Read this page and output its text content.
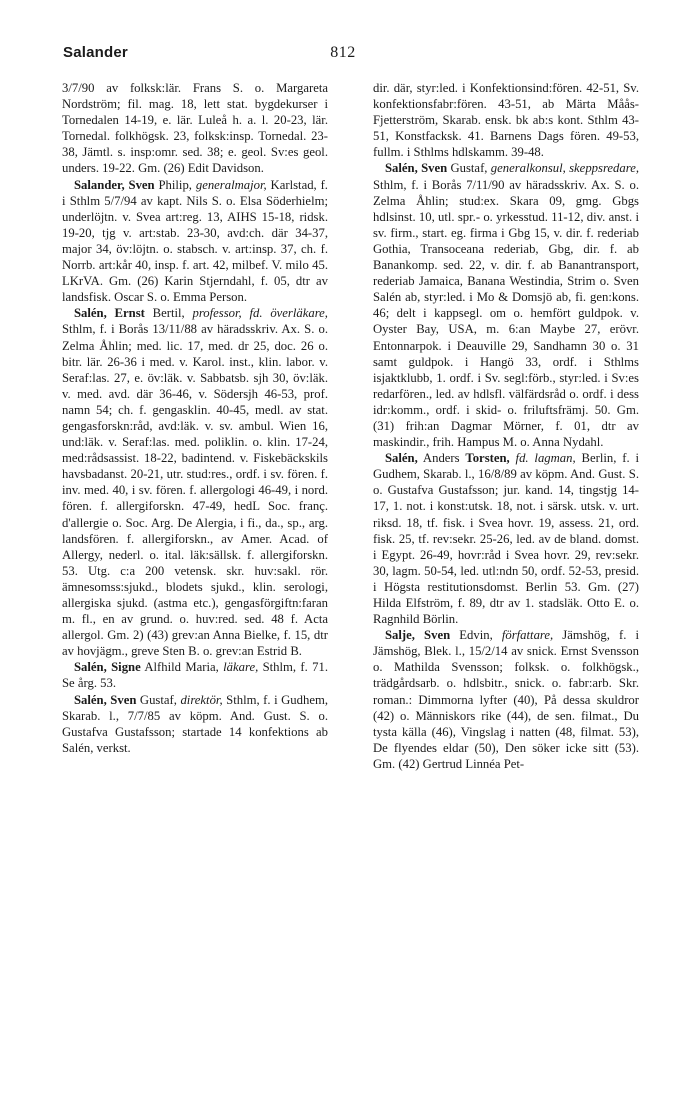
Salander	812

3/7/90 av folksk:lär. Frans S. o. Margareta Nordström; fil. mag. 18, lett stat. bygdekurser i Tornedalen 14-19, e. lär. Luleå h. a. l. 20-23, lär. Tornedal. folkhögsk. 23, folksk:insp. Tornedal. 23-38, Jämtl. s. insp:omr. sed. 38; e. geol. Sv:es geol. unders. 19-22. Gm. (26) Edit Davidson.

Salander, Sven Philip, generalmajor, Karlstad, f. i Sthlm 5/7/94 av kapt. Nils S. o. Elsa Söderhielm; underlöjtn. v. Svea art:reg. 13, AIHS 15-18, ridsk. 19-20, tjg v. art:stab. 23-30, avd:ch. där 34-37, major 34, öv:löjtn. o. stabsch. v. art:insp. 37, ch. f. Norrb. art:kår 40, insp. f. art. 42, milbef. V. milo 45. LKrVA. Gm. (26) Karin Stjerndahl, f. 05, dtr av landsfisk. Oscar S. o. Emma Person.

Salén, Ernst Bertil, professor, fd. överläkare, Sthlm, f. i Borås 13/11/88 av häradsskriv. Ax. S. o. Zelma Åhlin; med. lic. 17, med. dr 25, doc. 26 o. bitr. lär. 26-36 i med. v. Karol. inst., klin. labor. v. Seraf:las. 27, e. öv:läk. v. Sabbatsb. sjh 30, öv:läk. v. med. avd. där 36-46, v. Södersjh 46-53, prof. namn 54; ch. f. gengasklin. 40-45, medl. av stat. gengasforskn:råd, avd:läk. v. sv. ambul. Wien 16, und:läk. v. Seraf:las. med. poliklin. o. klin. 17-24, med:rådsassist. 18-22, badintend. v. Fiskebäckskils havsbadanst. 20-21, utr. stud:res., ordf. i sv. fören. f. inv. med. 40, i sv. fören. f. allergologi 46-49, i nord. fören. f. allergiforskn. 47-49, hedL Soc. franç. d'allergie o. Soc. Arg. De Alergia, i fi., da., sp., arg. landsfören. f. allergiforskn., av Amer. Acad. of Allergy, nederl. o. ital. läk:sällsk. f. allergiforskn. 53. Utg. c:a 200 vetensk. skr. huv:sakl. rör. ämnesomss:sjukd., blodets sjukd., klin. serologi, allergiska sjukd. (astma etc.), gengasförgiftn:faran m. fl., en av grund. o. huv:red. sed. 48 f. Acta allergol. Gm. 2) (43) grev:an Anna Bielke, f. 15, dtr av hovjägm., greve Sten B. o. grev:an Estrid B.

Salén, Signe Alfhild Maria, läkare, Sthlm, f. 71. Se årg. 53.

Salén, Sven Gustaf, direktör, Sthlm, f. i Gudhem, Skarab. l., 7/7/85 av köpm. And. Gust. S. o. Gustafva Gustafsson; startade 14 konfektions ab Salén, verkst.

dir. där, styr:led. i Konfektionsind:fören. 42-51, Sv. konfektionsfabr:fören. 43-51, ab Märta Måås-Fjetterström, Skarab. ensk. bk ab:s kont. Sthlm 43-51, Konstfacksk. 41. Barnens Dags fören. 49-53, fullm. i Sthlms hdlskamm. 39-48.

Salén, Sven Gustaf, generalkonsul, skeppsredare, Sthlm, f. i Borås 7/11/90 av häradsskriv. Ax. S. o. Zelma Åhlin; stud:ex. Skara 09, gmg. Gbgs hdlsinst. 10, utl. spr.- o. yrkesstud. 11-12, div. anst. i sv. firm., start. eg. firma i Gbg 15, v. dir. f. rederiab Gothia, Transoceana rederiab, Gbg, dir. f. ab Banankomp. sed. 22, v. dir. f. ab Banantransport, rederiab Jamaica, Banana Westindia, Strim o. Sven Salén ab, styr:led. i Mo & Domsjö ab, fi. gen:kons. 46; delt i kappsegl. om o. hemfört guldpok. v. Oyster Bay, USA, m. 6:an Maybe 27, erövr. Entonnarpok. i Deauville 29, Sandhamn 30 o. 31 samt guldpok. i Hangö 33, ordf. i Sthlms isjaktklubb, 1. ordf. i Sv. segl:förb., styr:led. i Sv:es redarfören., led. av hdlsfl. välfärdsråd o. ordf. i dess idr:komm., ordf. i skid- o. friluftsfrämj. 50. Gm. (31) frih:an Dagmar Mörner, f. 01, dtr av maskindir., frih. Hampus M. o. Anna Nydahl.

Salén, Anders Torsten, fd. lagman, Berlin, f. i Gudhem, Skarab. l., 16/8/89 av köpm. And. Gust. S. o. Gustafva Gustafsson; jur. kand. 14, tingstjg 14-17, 1. not. i konst:utsk. 18, not. i särsk. utsk. v. urt. riksd. 18, tf. fisk. i Svea hovr. 19, assess. 21, ord. fisk. 25, tf. rev:sekr. 25-26, led. av de bland. domst. i Egypt. 26-49, hovr:råd i Svea hovr. 29, rev:sekr. 30, lagm. 50-54, led. utl:ndn 50, ordf. 52-53, presid. i Högsta restitutionsdomst. Berlin 53. Gm. (27) Hilda Elfström, f. 89, dtr av 1. stadsläk. Otto E. o. Ragnhild Börlin.

Salje, Sven Edvin, författare, Jämshög, f. i Jämshög, Blek. l., 15/2/14 av snick. Ernst Svensson o. Mathilda Svensson; folksk. o. folkhögsk., trädgårdsarb. o. hdlsbitr., snick. o. fabr:arb. Skr. roman.: Dimmorna lyfter (40), På dessa skuldror (42) o. Människors rike (44), de sen. filmat., Du tysta källa (46), Vingslag i natten (48, filmat. 53), De flyendes eldar (50), Den söker icke sitt (53). Gm. (42) Gertrud Linnéa Pet-
